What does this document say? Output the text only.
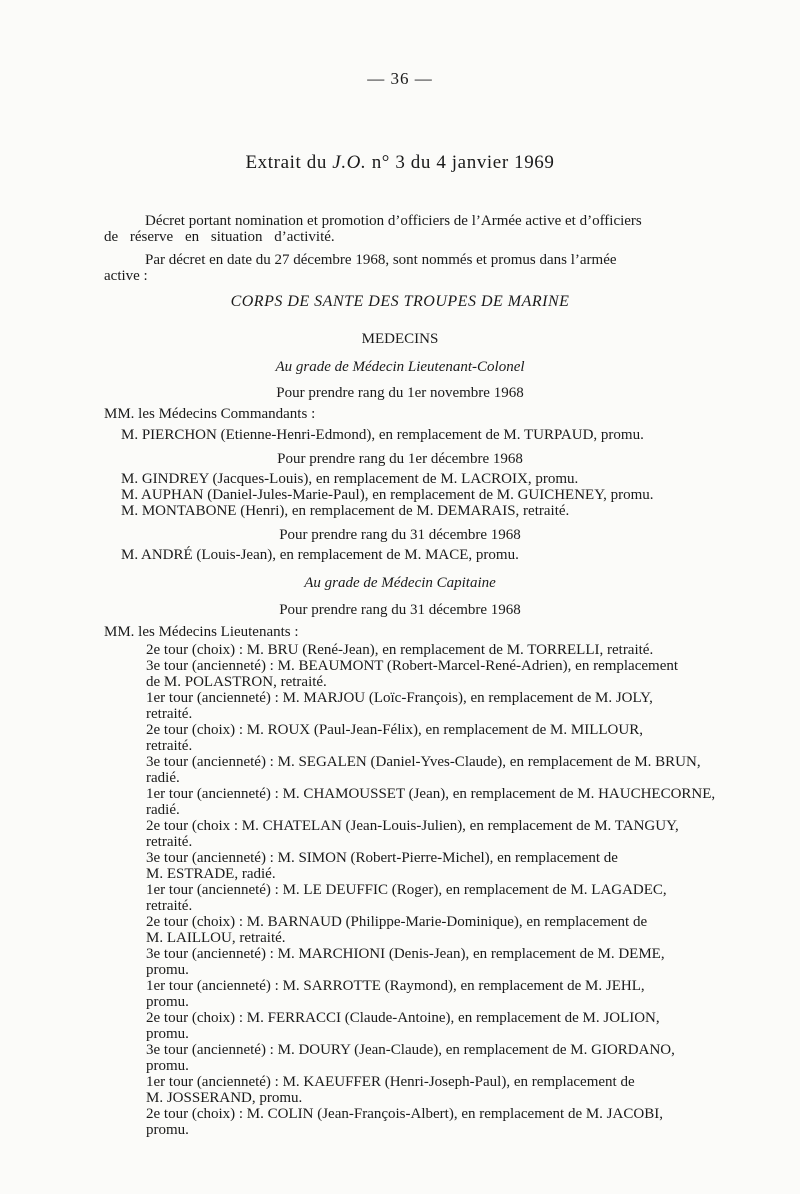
— 36 —
Extrait du J.O. n° 3 du 4 janvier 1969
Décret portant nomination et promotion d’officiers de l’Armée active et d’officiers
de réserve en situation d’activité.
Par décret en date du 27 décembre 1968, sont nommés et promus dans l’armée
active :
CORPS DE SANTE DES TROUPES DE MARINE
MEDECINS
Au grade de Médecin Lieutenant-Colonel
Pour prendre rang du 1er novembre 1968
MM. les Médecins Commandants :
M. PIERCHON (Etienne-Henri-Edmond), en remplacement de M. TURPAUD, promu.
Pour prendre rang du 1er décembre 1968
M. GINDREY (Jacques-Louis), en remplacement de M. LACROIX, promu.
M. AUPHAN (Daniel-Jules-Marie-Paul), en remplacement de M. GUICHENEY, promu.
M. MONTABONE (Henri), en remplacement de M. DEMARAIS, retraité.
Pour prendre rang du 31 décembre 1968
M. ANDRÉ (Louis-Jean), en remplacement de M. MACE, promu.
Au grade de Médecin Capitaine
Pour prendre rang du 31 décembre 1968
MM. les Médecins Lieutenants :
2e tour (choix) : M. BRU (René-Jean), en remplacement de M. TORRELLI, retraité.
3e tour (ancienneté) : M. BEAUMONT (Robert-Marcel-René-Adrien), en remplacement
de M. POLASTRON, retraité.
1er tour (ancienneté) : M. MARJOU (Loïc-François), en remplacement de M. JOLY,
retraité.
2e tour (choix) : M. ROUX (Paul-Jean-Félix), en remplacement de M. MILLOUR,
retraité.
3e tour (ancienneté) : M. SEGALEN (Daniel-Yves-Claude), en remplacement de M. BRUN,
radié.
1er tour (ancienneté) : M. CHAMOUSSET (Jean), en remplacement de M. HAUCHECORNE,
radié.
2e tour (choix : M. CHATELAN (Jean-Louis-Julien), en remplacement de M. TANGUY,
retraité.
3e tour (ancienneté) : M. SIMON (Robert-Pierre-Michel), en remplacement de
M. ESTRADE, radié.
1er tour (ancienneté) : M. LE DEUFFIC (Roger), en remplacement de M. LAGADEC,
retraité.
2e tour (choix) : M. BARNAUD (Philippe-Marie-Dominique), en remplacement de
M. LAILLOU, retraité.
3e tour (ancienneté) : M. MARCHIONI (Denis-Jean), en remplacement de M. DEME,
promu.
1er tour (ancienneté) : M. SARROTTE (Raymond), en remplacement de M. JEHL,
promu.
2e tour (choix) : M. FERRACCI (Claude-Antoine), en remplacement de M. JOLION,
promu.
3e tour (ancienneté) : M. DOURY (Jean-Claude), en remplacement de M. GIORDANO,
promu.
1er tour (ancienneté) : M. KAEUFFER (Henri-Joseph-Paul), en remplacement de
M. JOSSERAND, promu.
2e tour (choix) : M. COLIN (Jean-François-Albert), en remplacement de M. JACOBI,
promu.
